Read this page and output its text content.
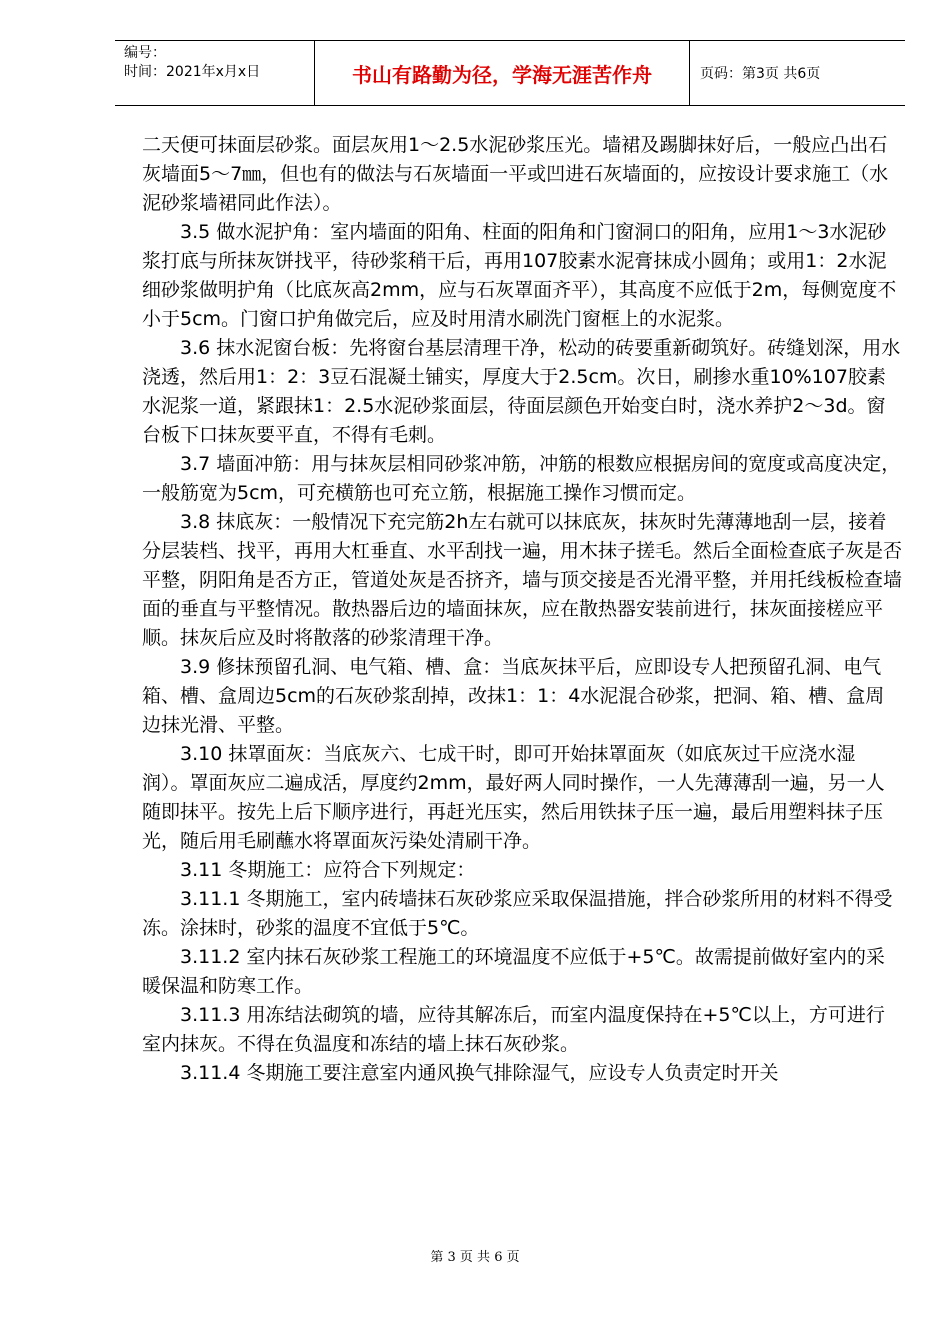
编号：
时间：2021年x月x日	书山有路勤为径，学海无涯苦作舟	页码：第3页 共6页

二天便可抹面层砂浆。面层灰用1～2.5水泥砂浆压光。墙裙及踢脚抹好后，一般应凸出石灰墙面5～7㎜，但也有的做法与石灰墙面一平或凹进石灰墙面的，应按设计要求施工（水泥砂浆墙裙同此作法）。

3.5 做水泥护角：室内墙面的阳角、柱面的阳角和门窗洞口的阳角，应用1～3水泥砂浆打底与所抹灰饼找平，待砂浆稍干后，再用107胶素水泥膏抹成小圆角；或用1：2水泥细砂浆做明护角（比底灰高2mm，应与石灰罩面齐平），其高度不应低于2m，每侧宽度不小于5cm。门窗口护角做完后，应及时用清水刷洗门窗框上的水泥浆。

3.6 抹水泥窗台板：先将窗台基层清理干净，松动的砖要重新砌筑好。砖缝划深，用水浇透，然后用1：2：3豆石混凝土铺实，厚度大于2.5cm。次日，刷掺水重10%107胶素水泥浆一道，紧跟抹1：2.5水泥砂浆面层，待面层颜色开始变白时，浇水养护2～3d。窗台板下口抹灰要平直，不得有毛刺。

3.7 墙面冲筋：用与抹灰层相同砂浆冲筋，冲筋的根数应根据房间的宽度或高度决定，一般筋宽为5cm，可充横筋也可充立筋，根据施工操作习惯而定。

3.8 抹底灰：一般情况下充完筋2h左右就可以抹底灰，抹灰时先薄薄地刮一层，接着分层装档、找平，再用大杠垂直、水平刮找一遍，用木抹子搓毛。然后全面检查底子灰是否平整，阴阳角是否方正，管道处灰是否挤齐，墙与顶交接是否光滑平整，并用托线板检查墙面的垂直与平整情况。散热器后边的墙面抹灰，应在散热器安装前进行，抹灰面接槎应平顺。抹灰后应及时将散落的砂浆清理干净。

3.9 修抹预留孔洞、电气箱、槽、盒：当底灰抹平后，应即设专人把预留孔洞、电气箱、槽、盒周边5cm的石灰砂浆刮掉，改抹1：1：4水泥混合砂浆，把洞、箱、槽、盒周边抹光滑、平整。

3.10 抹罩面灰：当底灰六、七成干时，即可开始抹罩面灰（如底灰过干应浇水湿润）。罩面灰应二遍成活，厚度约2mm，最好两人同时操作，一人先薄薄刮一遍，另一人随即抹平。按先上后下顺序进行，再赶光压实，然后用铁抹子压一遍，最后用塑料抹子压光，随后用毛刷蘸水将罩面灰污染处清刷干净。

3.11 冬期施工：应符合下列规定：

3.11.1 冬期施工，室内砖墙抹石灰砂浆应采取保温措施，拌合砂浆所用的材料不得受冻。涂抹时，砂浆的温度不宜低于5℃。

3.11.2 室内抹石灰砂浆工程施工的环境温度不应低于+5℃。故需提前做好室内的采暖保温和防寒工作。

3.11.3 用冻结法砌筑的墙，应待其解冻后，而室内温度保持在+5℃以上，方可进行室内抹灰。不得在负温度和冻结的墙上抹石灰砂浆。

3.11.4 冬期施工要注意室内通风换气排除湿气，应设专人负责定时开关

第 3 页 共 6 页
